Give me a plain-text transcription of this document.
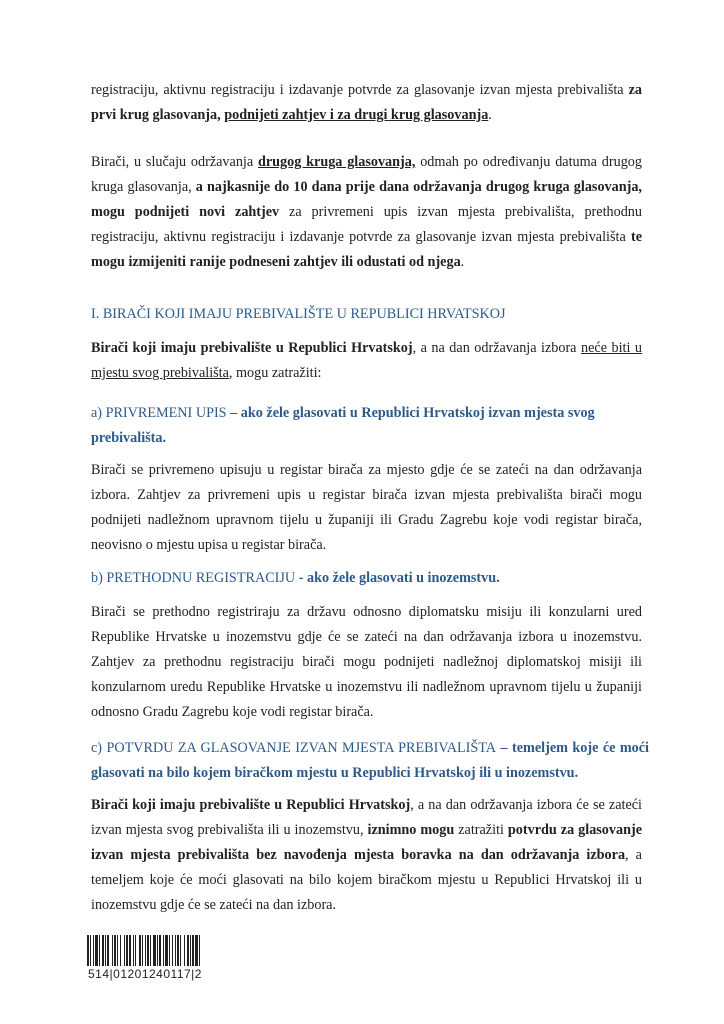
registraciju, aktivnu registraciju i izdavanje potvrde za glasovanje izvan mjesta prebivališta za prvi krug glasovanja, podnijeti zahtjev i za drugi krug glasovanja.

Birači, u slučaju održavanja drugog kruga glasovanja, odmah po određivanju datuma drugog kruga glasovanja, a najkasnije do 10 dana prije dana održavanja drugog kruga glasovanja, mogu podnijeti novi zahtjev za privremeni upis izvan mjesta prebivališta, prethodnu registraciju, aktivnu registraciju i izdavanje potvrde za glasovanje izvan mjesta prebivališta te mogu izmijeniti ranije podneseni zahtjev ili odustati od njega.

I. BIRAČI KOJI IMAJU PREBIVALIŠTE U REPUBLICI HRVATSKOJ

Birači koji imaju prebivalište u Republici Hrvatskoj, a na dan održavanja izbora neće biti u mjestu svog prebivališta, mogu zatražiti:

a) PRIVREMENI UPIS – ako žele glasovati u Republici Hrvatskoj izvan mjesta svog prebivališta.

Birači se privremeno upisuju u registar birača za mjesto gdje će se zateći na dan održavanja izbora. Zahtjev za privremeni upis u registar birača izvan mjesta prebivališta birači mogu podnijeti nadležnom upravnom tijelu u županiji ili Gradu Zagrebu koje vodi registar birača, neovisno o mjestu upisa u registar birača.

b) PRETHODNU REGISTRACIJU - ako žele glasovati u inozemstvu.

Birači se prethodno registriraju za državu odnosno diplomatsku misiju ili konzularni ured Republike Hrvatske u inozemstvu gdje će se zateći na dan održavanja izbora u inozemstvu. Zahtjev za prethodnu registraciju birači mogu podnijeti nadležnoj diplomatskoj misiji ili konzularnom uredu Republike Hrvatske u inozemstvu ili nadležnom upravnom tijelu u županiji odnosno Gradu Zagrebu koje vodi registar birača.

c) POTVRDU ZA GLASOVANJE IZVAN MJESTA PREBIVALIŠTA – temeljem koje će moći glasovati na bilo kojem biračkom mjestu u Republici Hrvatskoj ili u inozemstvu.

Birači koji imaju prebivalište u Republici Hrvatskoj, a na dan održavanja izbora će se zateći izvan mjesta svog prebivališta ili u inozemstvu, iznimno mogu zatražiti potvrdu za glasovanje izvan mjesta prebivališta bez navođenja mjesta boravka na dan održavanja izbora, a temeljem koje će moći glasovati na bilo kojem biračkom mjestu u Republici Hrvatskoj ili u inozemstvu gdje će se zateći na dan izbora.

514|01201240117|2
